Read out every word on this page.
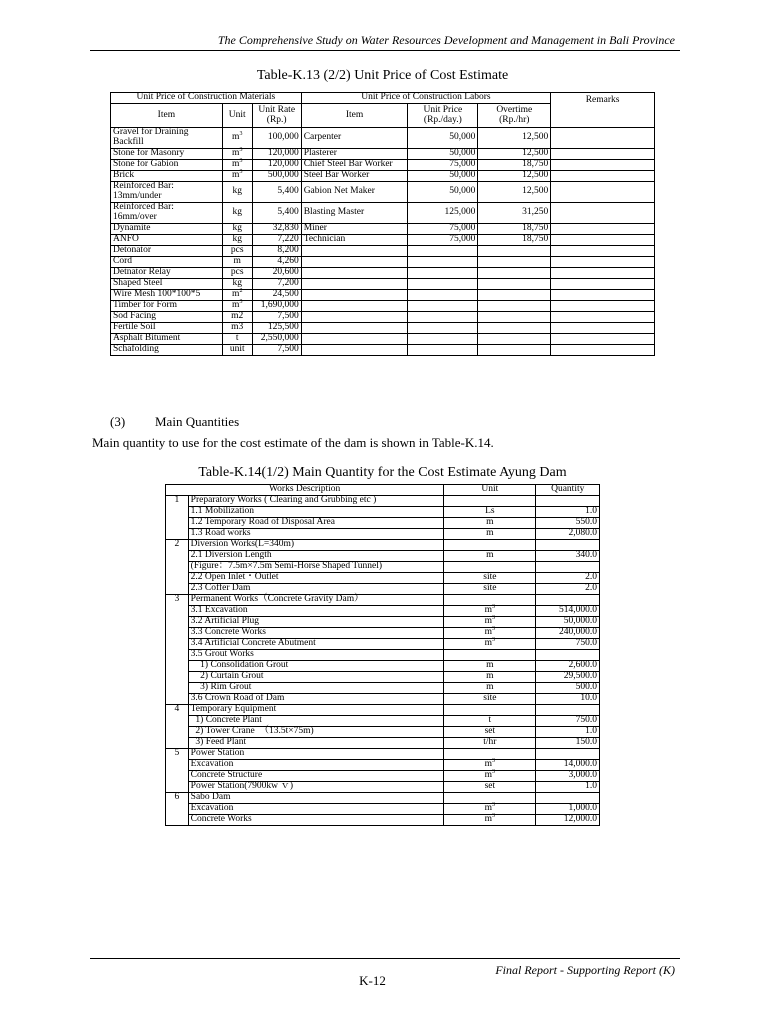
The Comprehensive Study on Water Resources Development and Management in Bali Province
Table-K.13 (2/2) Unit Price of Cost Estimate
Unit Price of Construction Materials			Unit Price of Construction Labors			Remarks
Item	Unit	Unit Rate (Rp.)	Item	Unit Price (Rp./day.)	Overtime (Rp./hr)	
Gravel for Draining Backfill	$m^3$	100,000	Carpenter	50,000	12,500	
Stone for Masonry	$m^3$	120,000	Plasterer	50,000	12,500	
Stone for Gabion	$m^3$	120,000	Chief Steel Bar Worker	75,000	18,750	
Brick	$m^3$	500,000	Steel Bar Worker	50,000	12,500	
Reinforced Bar: 13mm/under	kg	5,400	Gabion Net Maker	50,000	12,500	
Reinforced Bar: 16mm/over	kg	5,400	Blasting Master	125,000	31,250	
Dynamite	kg	32,830	Miner	75,000	18,750	
ANFO	kg	7,220	Technician	75,000	18,750	
Detonator	pcs	8,200				
Cord	m	4,260				
Detnator Relay	pcs	20,600				
Shaped Steel	kg	7,200				
Wire Mesh 100*100*5	$m^2$	24,500				
Timber for Form	$m^3$	1,690,000				
Sod Facing	m2	7,500				
Fertile Soil	m3	125,500				
Asphalt Bitument	t	2,550,000				
Schafolding	unit	7,500				
(3) Main Quantities
Main quantity to use for the cost estimate of the dam is shown in Table-K.14.
Table-K.14(1/2) Main Quantity for the Cost Estimate Ayung Dam
Works Description		Unit	Quantity
1	Preparatory Works ( Clearing and Grubbing etc )		
	1.1 Mobilization	Ls	1.0
	1.2 Temporary Road of Disposal Area	m	550.0
	1.3 Road works	m	2,080.0
2	Diversion Works(L=340m)		
	2.1 Diversion Length	m	340.0
	(Figure：7.5m×7.5m Semi-Horse Shaped Tunnel)		
	2.2 Open Inlet・Outlet	site	2.0
	2.3 Coffer Dam	site	2.0
3	Permanent Works（Concrete Gravity Dam）		
	3.1 Excavation	$m^3$	514,000.0
	3.2 Artificial Plug	$m^3$	50,000.0
	3.3 Concrete Works	$m^3$	240,000.0
	3.4 Artificial Concrete Abutment	$m^3$	750.0
	3.5 Grout Works		
	1) Consolidation Grout	m	2,600.0
	2) Curtain Grout	m	29,500.0
	3) Rim Grout	m	500.0
	3.6 Crown Road of Dam	site	10.0
4	Temporary Equipment		
	1) Concrete Plant	t	750.0
	2) Tower Crane　（13.5t×75m)	set	1.0
	3) Feed Plant	t/hr	150.0
5	Power Station		
	Excavation	$m^3$	14,000.0
	Concrete Structure	$m^3$	3,000.0
	Power Station(7900kw ｖ)	set	1.0
6	Sabo Dam		
	Excavation	$m^3$	1,000.0
	Concrete Works	$m^3$	12,000.0
Final Report - Supporting Report (K)
K-12
